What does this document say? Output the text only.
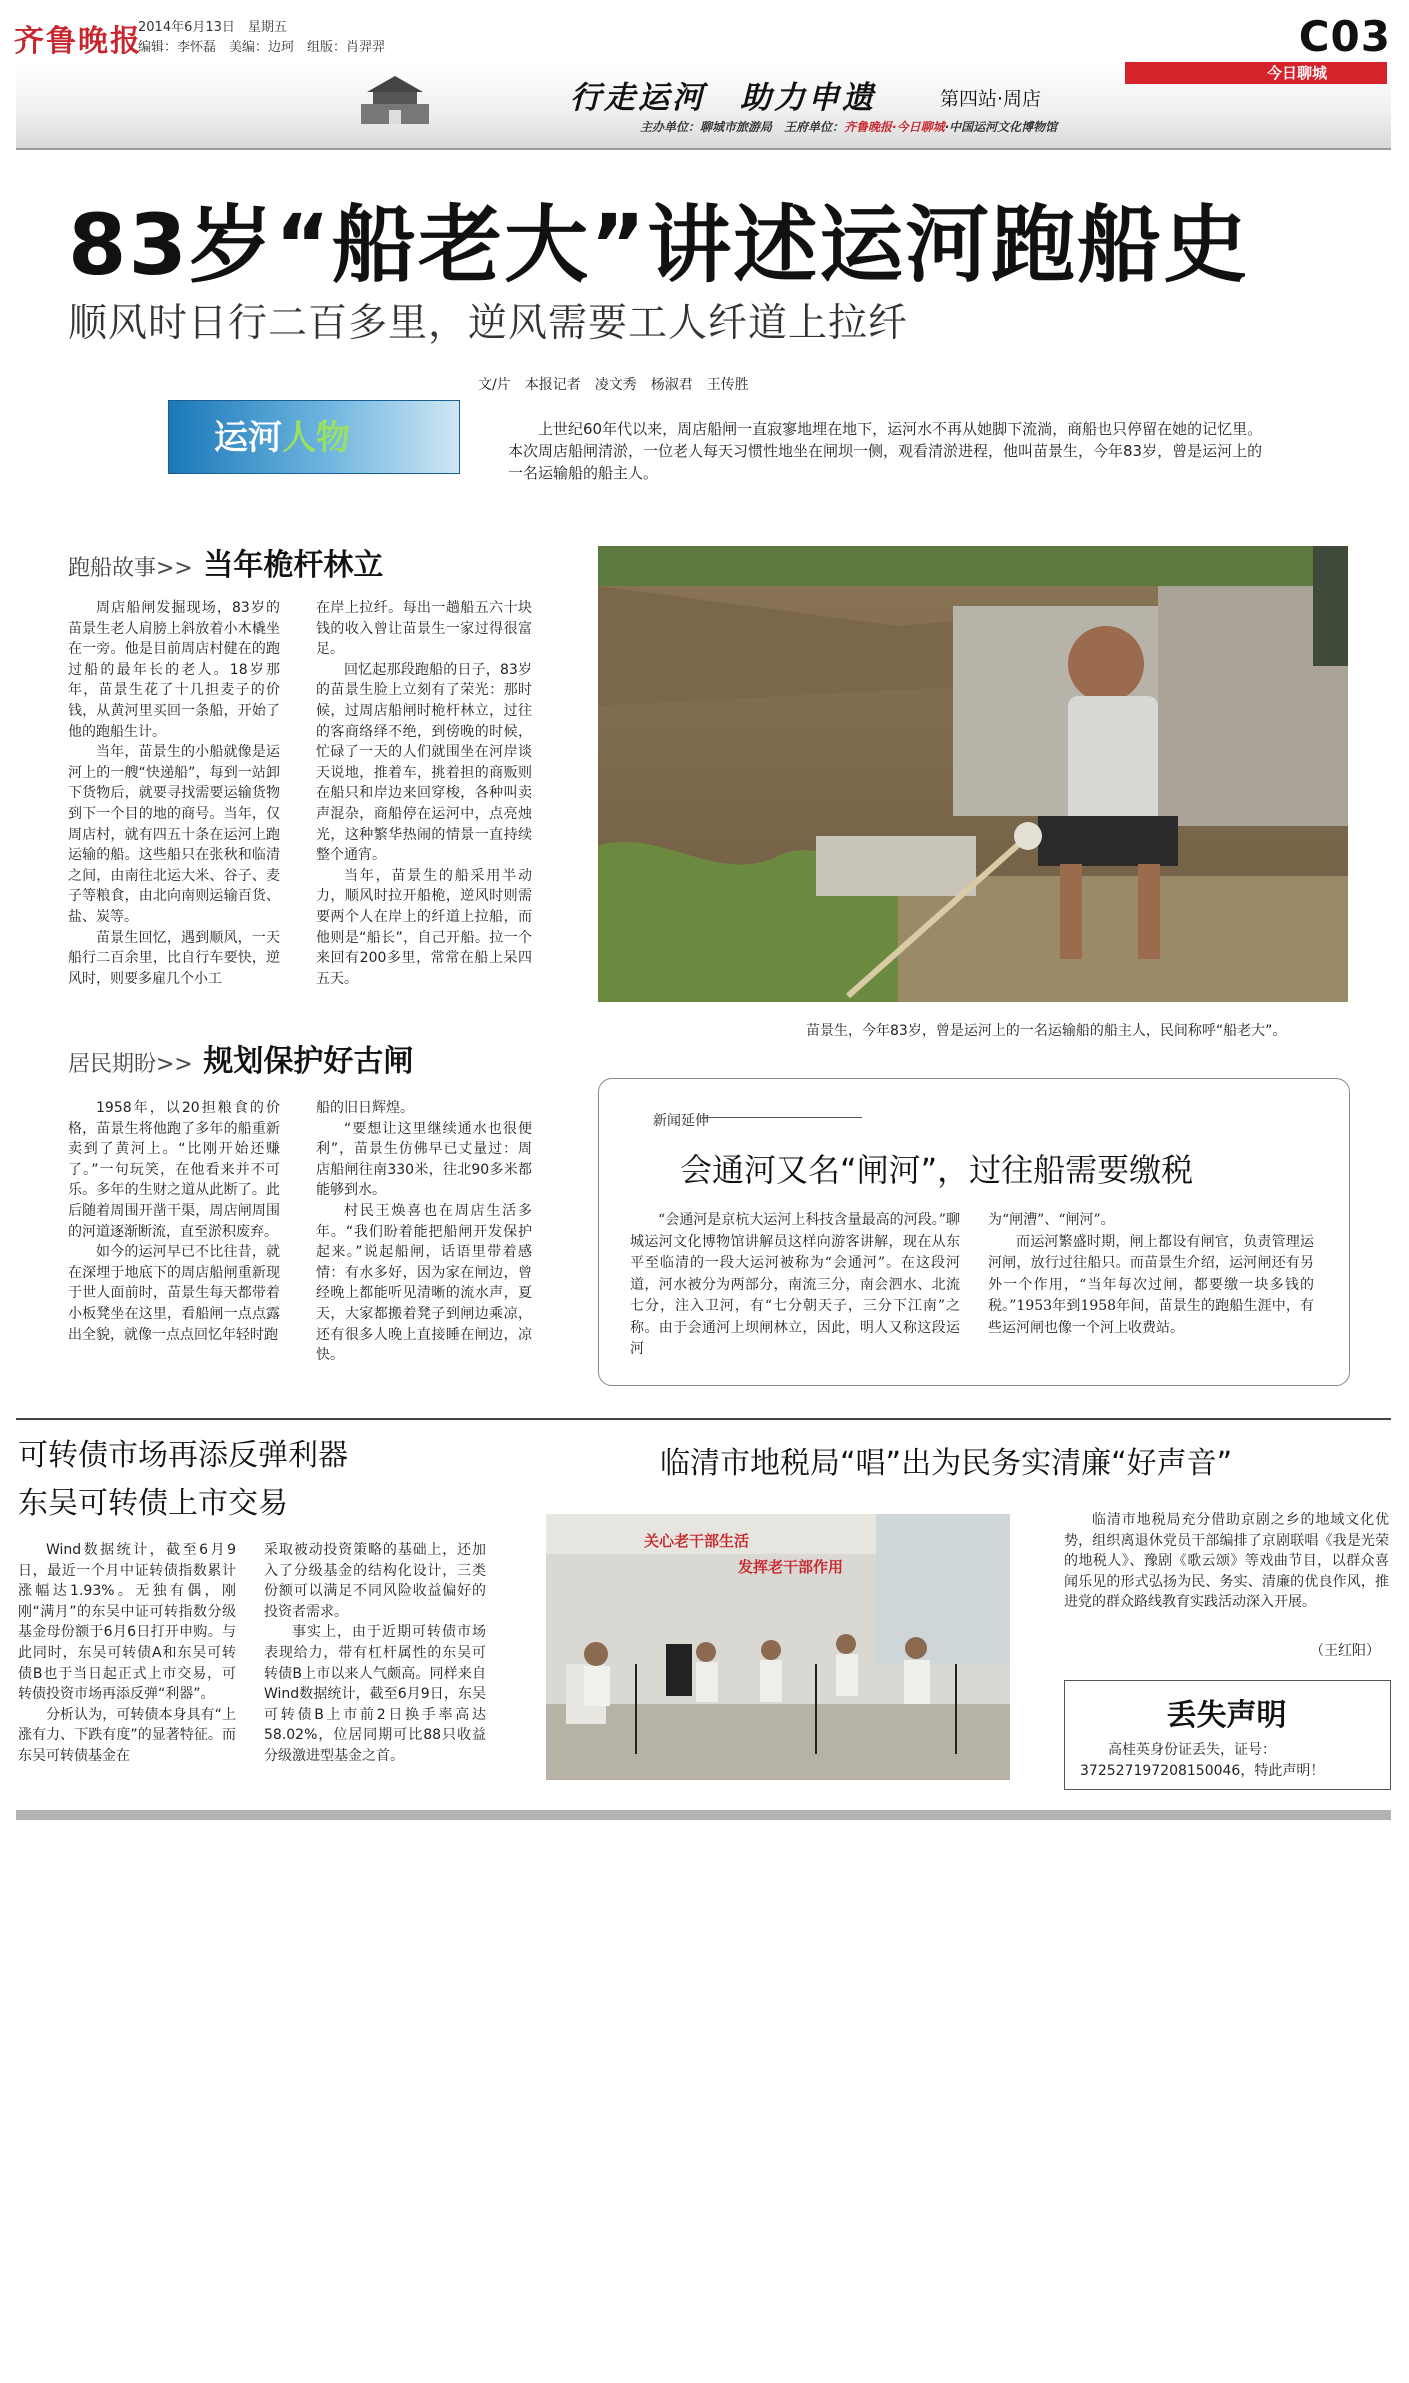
齐鲁晚报
2014年6月13日　星期五
编辑：李怀磊　美编：边珂　组版：肖羿羿	C03
今日聊城
行走运河　助力申遗	第四站·周店
主办单位：聊城市旅游局　王府单位：齐鲁晚报·今日聊城·中国运河文化博物馆
83岁“船老大”讲述运河跑船史
顺风时日行二百多里，逆风需要工人纤道上拉纤
文/片　本报记者　凌文秀　杨淑君　王传胜
运河人物	上世纪60年代以来，周店船闸一直寂寥地埋在地下，运河水不再从她脚下流淌，商船也只停留在她的记忆里。本次周店船闸清淤，一位老人每天习惯性地坐在闸坝一侧，观看清淤进程，他叫苗景生，今年83岁，曾是运河上的一名运输船的船主人。
跑船故事>> 当年桅杆林立

周店船闸发掘现场，83岁的苗景生老人肩膀上斜放着小木橇坐在一旁。他是目前周店村健在的跑过船的最年长的老人。18岁那年，苗景生花了十几担麦子的价钱，从黄河里买回一条船，开始了他的跑船生计。

当年，苗景生的小船就像是运河上的一艘“快递船”，每到一站卸下货物后，就要寻找需要运输货物到下一个目的地的商号。当年，仅周店村，就有四五十条在运河上跑运输的船。这些船只在张秋和临清之间，由南往北运大米、谷子、麦子等粮食，由北向南则运输百货、盐、炭等。

苗景生回忆，遇到顺风，一天船行二百余里，比自行车要快，逆风时，则要多雇几个小工

在岸上拉纤。每出一趟船五六十块钱的收入曾让苗景生一家过得很富足。

回忆起那段跑船的日子，83岁的苗景生脸上立刻有了荣光：那时候，过周店船闸时桅杆林立，过往的客商络绎不绝，到傍晚的时候，忙碌了一天的人们就围坐在河岸谈天说地，推着车，挑着担的商贩则在船只和岸边来回穿梭，各种叫卖声混杂，商船停在运河中，点亮烛光，这种繁华热闹的情景一直持续整个通宵。

当年，苗景生的船采用半动力，顺风时拉开船桅，逆风时则需要两个人在岸上的纤道上拉船，而他则是“船长”，自己开船。拉一个来回有200多里，常常在船上呆四五天。

苗景生，今年83岁，曾是运河上的一名运输船的船主人，民间称呼“船老大”。
居民期盼>> 规划保护好古闸

1958年，以20担粮食的价格，苗景生将他跑了多年的船重新卖到了黄河上。“比刚开始还赚了。”一句玩笑，在他看来并不可乐。多年的生财之道从此断了。此后随着周围开凿干渠，周店闸周围的河道逐渐断流，直至淤积废弃。

如今的运河早已不比往昔，就在深埋于地底下的周店船闸重新现于世人面前时，苗景生每天都带着小板凳坐在这里，看船闸一点点露出全貌，就像一点点回忆年轻时跑

船的旧日辉煌。

“要想让这里继续通水也很便利”，苗景生仿佛早已丈量过：周店船闸往南330米，往北90多米都能够到水。

村民王焕喜也在周店生活多年。“我们盼着能把船闸开发保护起来。”说起船闸，话语里带着感情：有水多好，因为家在闸边，曾经晚上都能听见清晰的流水声，夏天，大家都搬着凳子到闸边乘凉，还有很多人晚上直接睡在闸边，凉快。

新闻延伸
会通河又名“闸河”，过往船需要缴税

“会通河是京杭大运河上科技含量最高的河段。”聊城运河文化博物馆讲解员这样向游客讲解，现在从东平至临清的一段大运河被称为“会通河”。在这段河道，河水被分为两部分，南流三分，南会泗水、北流七分，注入卫河，有“七分朝天子，三分下江南”之称。由于会通河上坝闸林立，因此，明人又称这段运河

为“闸漕”、“闸河”。

而运河繁盛时期，闸上都设有闸官，负责管理运河闸，放行过往船只。而苗景生介绍，运河闸还有另外一个作用，“当年每次过闸，都要缴一块多钱的税。”1953年到1958年间，苗景生的跑船生涯中，有些运河闸也像一个河上收费站。

可转债市场再添反弹利器
东吴可转债上市交易

Wind数据统计，截至6月9日，最近一个月中证转债指数累计涨幅达1.93%。无独有偶，刚刚“满月”的东吴中证可转指数分级基金母份额于6月6日打开申购。与此同时，东吴可转债A和东吴可转债B也于当日起正式上市交易，可转债投资市场再添反弹“利器”。

分析认为，可转债本身具有“上涨有力、下跌有度”的显著特征。而东吴可转债基金在

采取被动投资策略的基础上，还加入了分级基金的结构化设计，三类份额可以满足不同风险收益偏好的投资者需求。

事实上，由于近期可转债市场表现给力，带有杠杆属性的东吴可转债B上市以来人气颇高。同样来自Wind数据统计，截至6月9日，东吴可转债B上市前2日换手率高达58.02%，位居同期可比88只收益分级激进型基金之首。

临清市地税局“唱”出为民务实清廉“好声音”
关心老干部生活
发挥老干部作用

临清市地税局充分借助京剧之乡的地域文化优势，组织离退休党员干部编排了京剧联唱《我是光荣的地税人》、豫剧《歌云颂》等戏曲节目，以群众喜闻乐见的形式弘扬为民、务实、清廉的优良作风，推进党的群众路线教育实践活动深入开展。

（王红阳）
丢失声明
高桂英身份证丢失，证号：372527197208150046，特此声明！
